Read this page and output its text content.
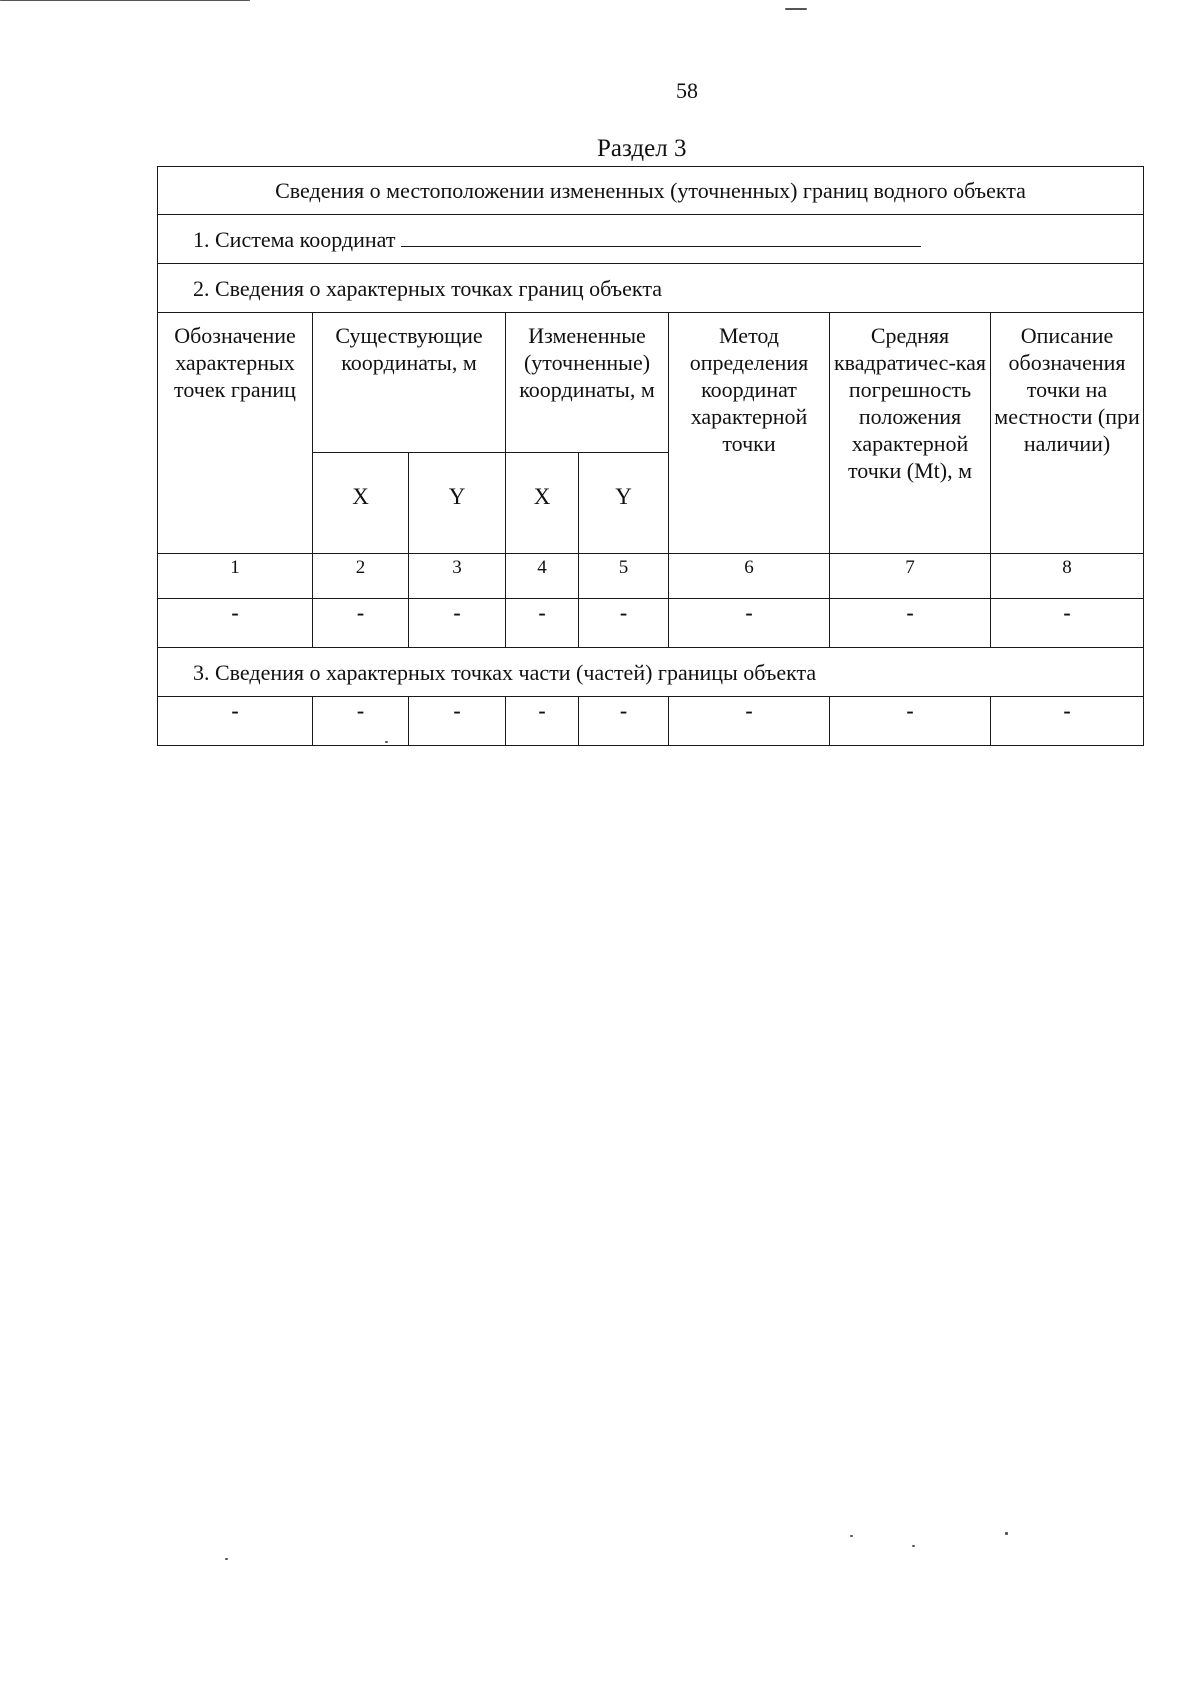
58
Раздел 3
Сведения о местоположении измененных (уточненных) границ водного объекта							
1. Система координат							
2. Сведения о характерных точках границ объекта							
Обозначение характерных точек границ	Существующие координаты, м		Измененные (уточненные) координаты, м		Метод определения координат характерной точки	Средняя квадратичес-кая погрешность положения характерной точки (Mt), м	Описание обозначения точки на местности (при наличии)
	X	Y	X	Y			
1	2	3	4	5	6	7	8
-	-	-	-	-	-	-	-
3. Сведения о характерных точках части (частей) границы объекта							
-	-	-	-	-	-	-	-
